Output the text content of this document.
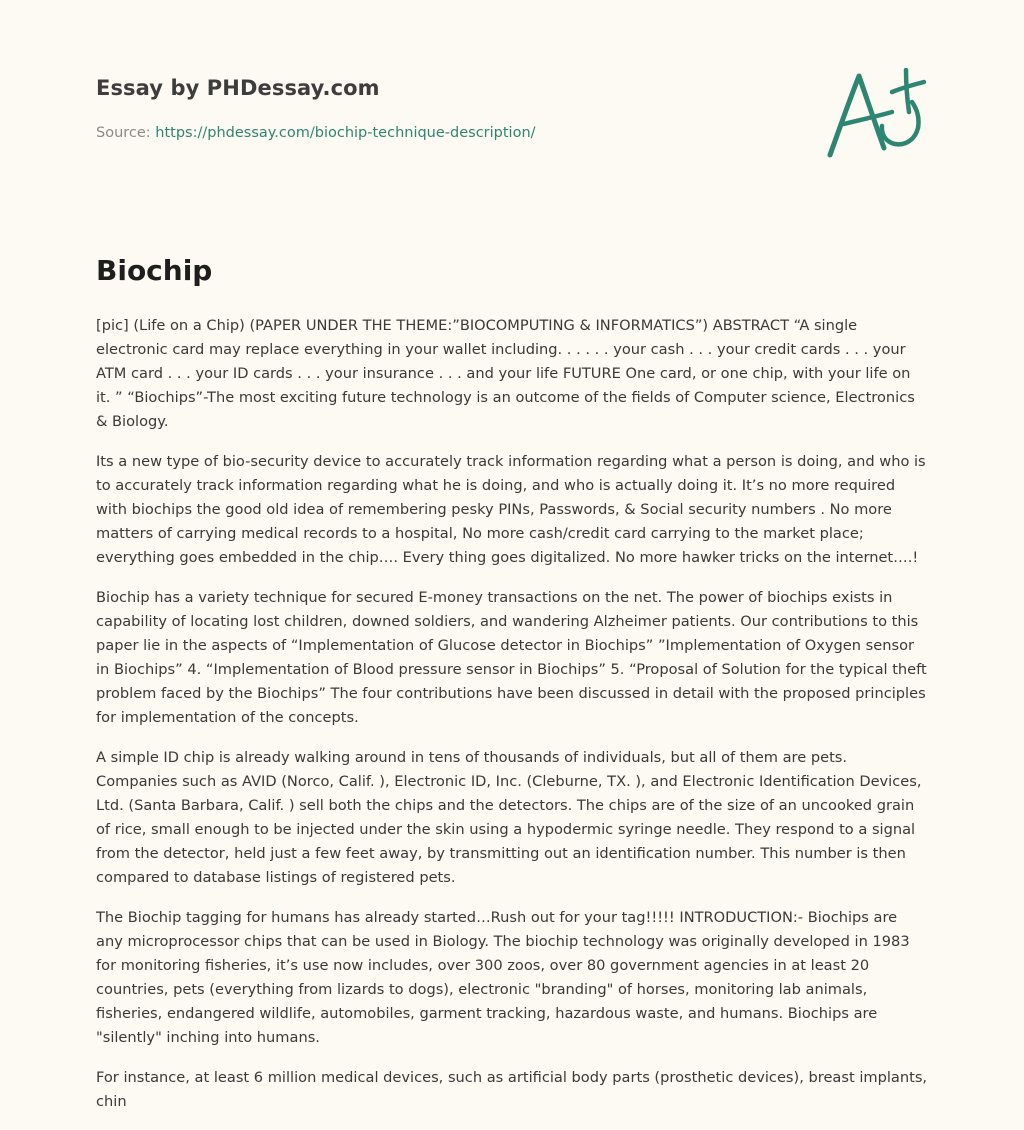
Essay by PHDessay.com
Source: https://phdessay.com/biochip-technique-description/
Biochip

[pic] (Life on a Chip) (PAPER UNDER THE THEME:”BIOCOMPUTING & INFORMATICS”) ABSTRACT “A single electronic card may replace everything in your wallet including. . . . . . your cash . . . your credit cards . . . your ATM card . . . your ID cards . . . your insurance . . . and your life FUTURE One card, or one chip, with your life on it. ” “Biochips”-The most exciting future technology is an outcome of the fields of Computer science, Electronics & Biology.

Its a new type of bio-security device to accurately track information regarding what a person is doing, and who is to accurately track information regarding what he is doing, and who is actually doing it. It’s no more required with biochips the good old idea of remembering pesky PINs, Passwords, & Social security numbers . No more matters of carrying medical records to a hospital, No more cash/credit card carrying to the market place; everything goes embedded in the chip…. Every thing goes digitalized. No more hawker tricks on the internet….!

Biochip has a variety technique for secured E-money transactions on the net. The power of biochips exists in capability of locating lost children, downed soldiers, and wandering Alzheimer patients. Our contributions to this paper lie in the aspects of “Implementation of Glucose detector in Biochips” ”Implementation of Oxygen sensor in Biochips” 4. “Implementation of Blood pressure sensor in Biochips” 5. “Proposal of Solution for the typical theft problem faced by the Biochips” The four contributions have been discussed in detail with the proposed principles for implementation of the concepts.

A simple ID chip is already walking around in tens of thousands of individuals, but all of them are pets. Companies such as AVID (Norco, Calif. ), Electronic ID, Inc. (Cleburne, TX. ), and Electronic Identification Devices, Ltd. (Santa Barbara, Calif. ) sell both the chips and the detectors. The chips are of the size of an uncooked grain of rice, small enough to be injected under the skin using a hypodermic syringe needle. They respond to a signal from the detector, held just a few feet away, by transmitting out an identification number. This number is then compared to database listings of registered pets.

The Biochip tagging for humans has already started…Rush out for your tag!!!!! INTRODUCTION:- Biochips are any microprocessor chips that can be used in Biology. The biochip technology was originally developed in 1983 for monitoring fisheries, it’s use now includes, over 300 zoos, over 80 government agencies in at least 20 countries, pets (everything from lizards to dogs), electronic "branding" of horses, monitoring lab animals, fisheries, endangered wildlife, automobiles, garment tracking, hazardous waste, and humans. Biochips are "silently" inching into humans.

For instance, at least 6 million medical devices, such as artificial body parts (prosthetic devices), breast implants, chin
